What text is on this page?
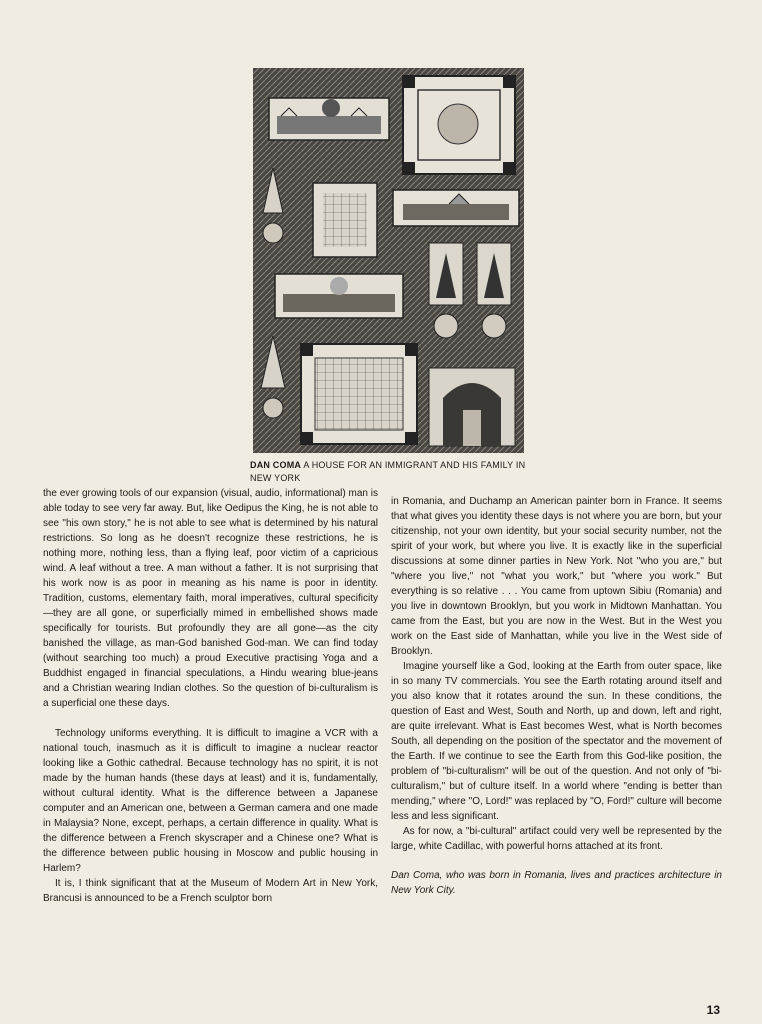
DAN COMA A HOUSE FOR AN IMMIGRANT AND HIS FAMILY IN NEW YORK

the ever growing tools of our expansion (visual, audio, informational) man is able today to see very far away. But, like Oedipus the King, he is not able to see "his own story," he is not able to see what is determined by his natural restrictions. So long as he doesn't recognize these restrictions, he is nothing more, nothing less, than a flying leaf, poor victim of a capricious wind. A leaf without a tree. A man without a father. It is not surprising that his work now is as poor in meaning as his name is poor in identity. Tradition, customs, elementary faith, moral imperatives, cultural specificity—they are all gone, or superficially mimed in embellished shows made specifically for tourists. But profoundly they are all gone—as the city banished the village, as man-God banished God-man. We can find today (without searching too much) a proud Executive practising Yoga and a Buddhist engaged in financial speculations, a Hindu wearing blue-jeans and a Christian wearing Indian clothes. So the question of bi-culturalism is a superficial one these days.

Technology uniforms everything. It is difficult to imagine a VCR with a national touch, inasmuch as it is difficult to imagine a nuclear reactor looking like a Gothic cathedral. Because technology has no spirit, it is not made by the human hands (these days at least) and it is, fundamentally, without cultural identity. What is the difference between a Japanese computer and an American one, between a German camera and one made in Malaysia? None, except, perhaps, a certain difference in quality. What is the difference between a French skyscraper and a Chinese one? What is the difference between public housing in Moscow and public housing in Harlem?

It is, I think significant that at the Museum of Modern Art in New York, Brancusi is announced to be a French sculptor born

in Romania, and Duchamp an American painter born in France. It seems that what gives you identity these days is not where you are born, but your citizenship, not your own identity, but your social security number, not the spirit of your work, but where you live. It is exactly like in the superficial discussions at some dinner parties in New York. Not "who you are," but "where you live," not "what you work," but "where you work." But everything is so relative . . . You came from uptown Sibiu (Romania) and you live in downtown Brooklyn, but you work in Midtown Manhattan. You came from the East, but you are now in the West. But in the West you work on the East side of Manhattan, while you live in the West side of Brooklyn.

Imagine yourself like a God, looking at the Earth from outer space, like in so many TV commercials. You see the Earth rotating around itself and you also know that it rotates around the sun. In these conditions, the question of East and West, South and North, up and down, left and right, are quite irrelevant. What is East becomes West, what is North becomes South, all depending on the position of the spectator and the movement of the Earth. If we continue to see the Earth from this God-like position, the problem of "bi-culturalism" will be out of the question. And not only of "bi-culturalism," but of culture itself. In a world where "ending is better than mending," where "O, Lord!" was replaced by "O, Ford!" culture will become less and less significant.

As for now, a "bi-cultural" artifact could very well be represented by the large, white Cadillac, with powerful horns attached at its front.

Dan Coma, who was born in Romania, lives and practices architecture in New York City.

13
